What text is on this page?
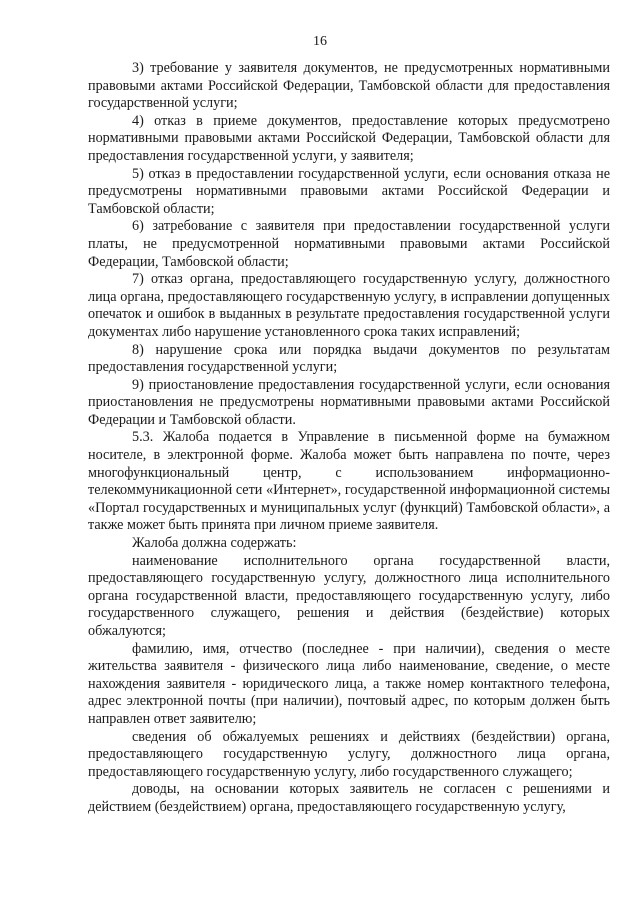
16

3) требование у заявителя документов, не предусмотренных нормативными правовыми актами Российской Федерации, Тамбовской области для предоставления государственной услуги;

4) отказ в приеме документов, предоставление которых предусмотрено нормативными правовыми актами Российской Федерации, Тамбовской области для предоставления государственной услуги, у заявителя;

5) отказ в предоставлении государственной услуги, если основания отказа не предусмотрены нормативными правовыми актами Российской Федерации и Тамбовской области;

6) затребование с заявителя при предоставлении государственной услуги платы, не предусмотренной нормативными правовыми актами Российской Федерации, Тамбовской области;

7) отказ органа, предоставляющего государственную услугу, должностного лица органа, предоставляющего государственную услугу, в исправлении допущенных опечаток и ошибок в выданных в результате предоставления государственной услуги документах либо нарушение установленного срока таких исправлений;

8) нарушение срока или порядка выдачи документов по результатам предоставления государственной услуги;

9) приостановление предоставления государственной услуги, если основания приостановления не предусмотрены нормативными правовыми актами Российской Федерации и Тамбовской области.

5.3. Жалоба подается в Управление в письменной форме на бумажном носителе, в электронной форме. Жалоба может быть направлена по почте, через многофункциональный центр, с использованием информационно-телекоммуникационной сети «Интернет», государственной информационной системы «Портал государственных и муниципальных услуг (функций) Тамбовской области», а также может быть принята при личном приеме заявителя.

Жалоба должна содержать:

наименование исполнительного органа государственной власти, предоставляющего государственную услугу, должностного лица исполнительного органа государственной власти, предоставляющего государственную услугу, либо государственного служащего, решения и действия (бездействие) которых обжалуются;

фамилию, имя, отчество (последнее - при наличии), сведения о месте жительства заявителя - физического лица либо наименование, сведение, о месте нахождения заявителя - юридического лица, а также номер контактного телефона, адрес электронной почты (при наличии), почтовый адрес, по которым должен быть направлен ответ заявителю;

сведения об обжалуемых решениях и действиях (бездействии) органа, предоставляющего государственную услугу, должностного лица органа, предоставляющего государственную услугу, либо государственного служащего;

доводы, на основании которых заявитель не согласен с решениями и действием (бездействием) органа, предоставляющего государственную услугу,
